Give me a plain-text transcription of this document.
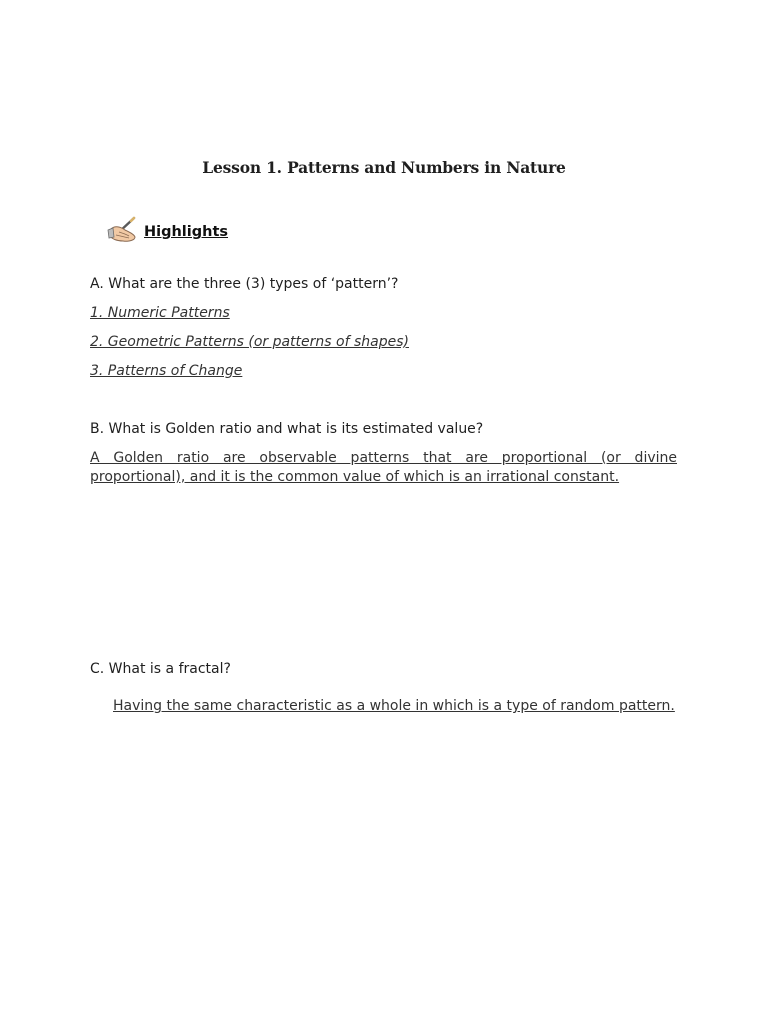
Lesson 1. Patterns and Numbers in Nature
Highlights
A. What are the three (3) types of ‘pattern’?
1. Numeric Patterns
2. Geometric Patterns (or patterns of shapes)
3. Patterns of Change
B. What is Golden ratio and what is its estimated value?
A Golden ratio are observable patterns that are proportional (or divine proportional), and it is the common value of which is an irrational constant.
C. What is a fractal?
Having the same characteristic as a whole in which is a type of random pattern.
